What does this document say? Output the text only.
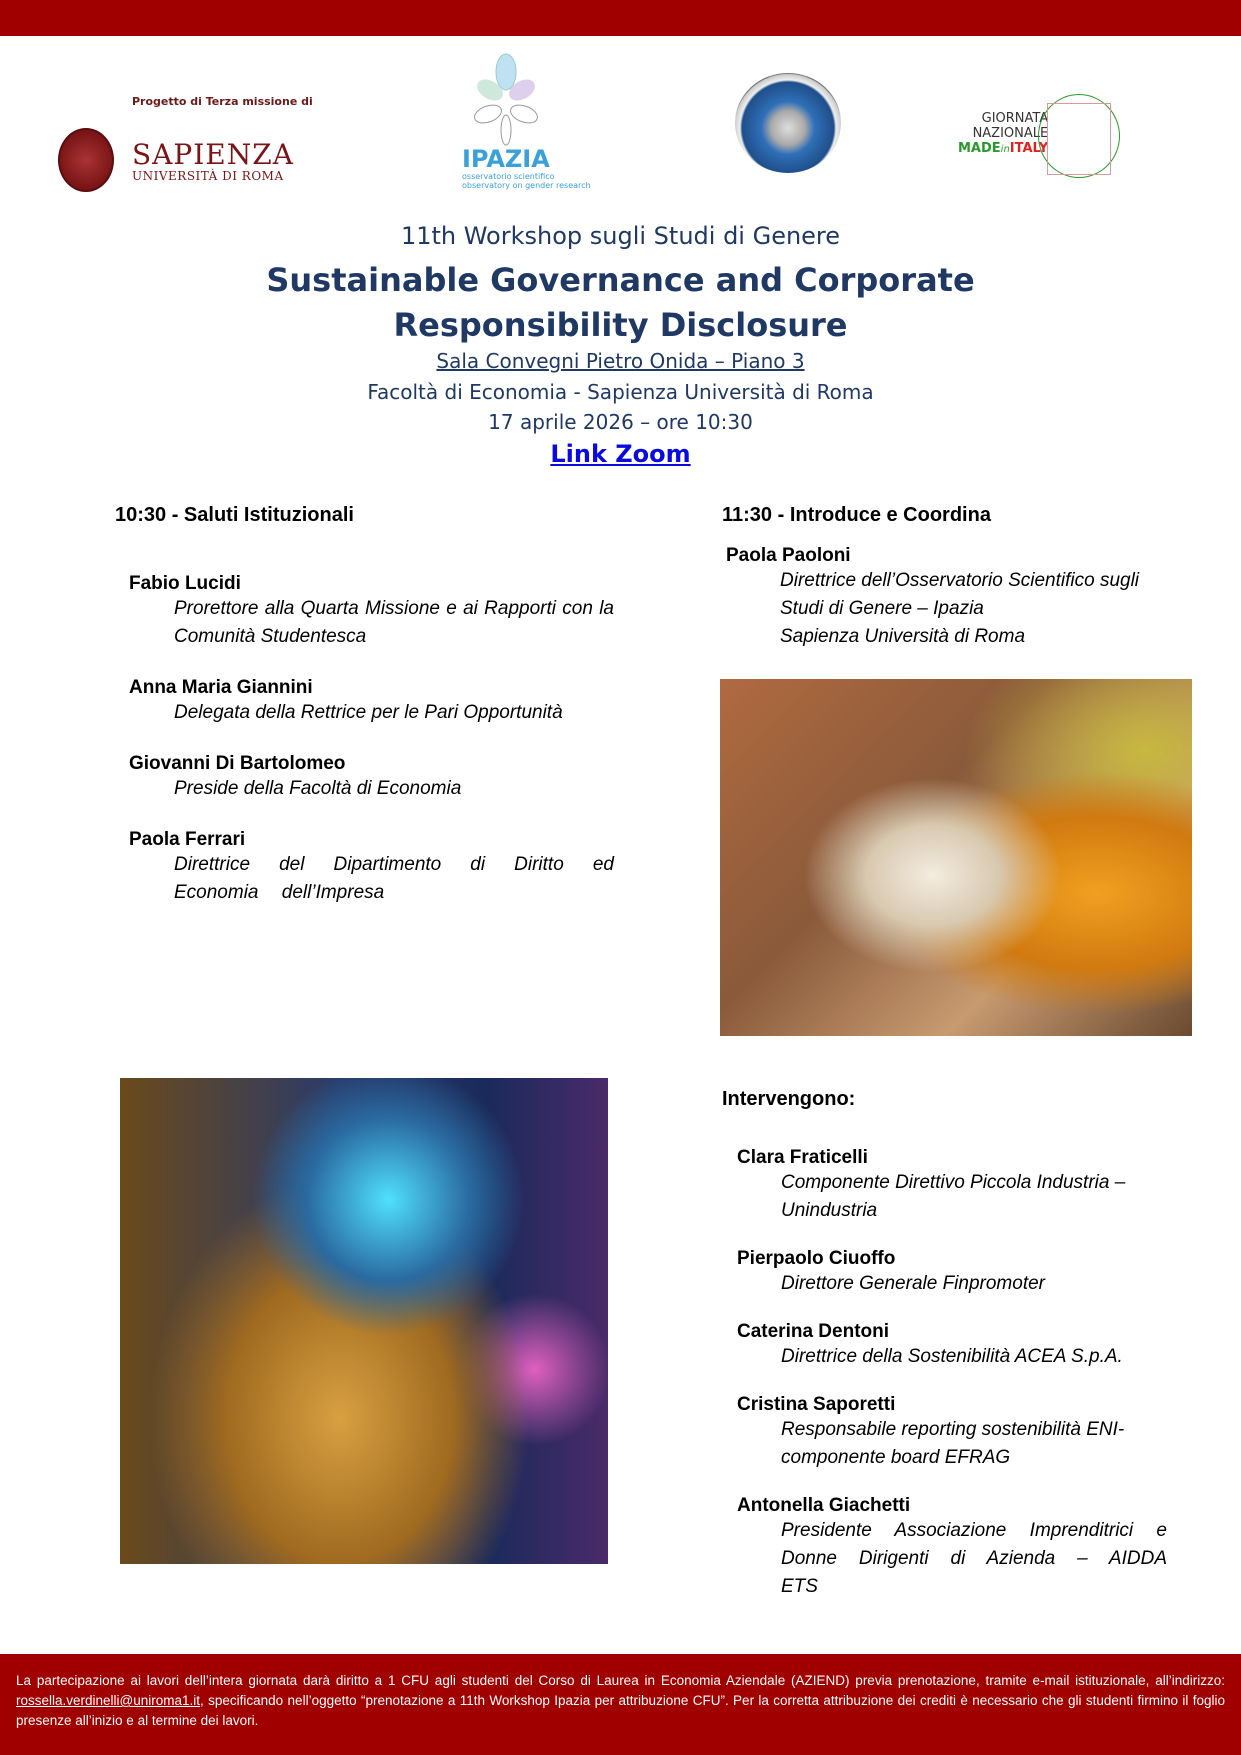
Progetto di Terza missione di
SAPIENZA
UNIVERSITÀ DI ROMA
IPAZIA
osservatorio scientifico
observatory on gender research
GIORNATA
NAZIONALE
MADEinITALY
11th Workshop sugli Studi di Genere
Sustainable Governance and Corporate
Responsibility Disclosure
Sala Convegni Pietro Onida – Piano 3
Facoltà di Economia - Sapienza Università di Roma
17 aprile 2026 – ore 10:30
Link Zoom
10:30 - Saluti Istituzionali
Fabio Lucidi
Prorettore alla Quarta Missione e ai Rapporti con la Comunità Studentesca
Anna Maria Giannini
Delegata della Rettrice per le Pari Opportunità
Giovanni Di Bartolomeo
Preside della Facoltà di Economia
Paola Ferrari
Direttrice del Dipartimento di Diritto ed Economia dell’Impresa
11:30 - Introduce e Coordina
Paola Paoloni
Direttrice dell’Osservatorio Scientifico sugli
Studi di Genere – Ipazia
Sapienza Università di Roma
Intervengono:
Clara Fraticelli
Componente Direttivo Piccola Industria – Unindustria
Pierpaolo Ciuoffo
Direttore Generale Finpromoter
Caterina Dentoni
Direttrice della Sostenibilità ACEA S.p.A.
Cristina Saporetti
Responsabile reporting sostenibilità ENI-componente board EFRAG
Antonella Giachetti
Presidente Associazione Imprenditrici e Donne Dirigenti di Azienda – AIDDA ETS
La partecipazione ai lavori dell’intera giornata darà diritto a 1 CFU agli studenti del Corso di Laurea in Economia Aziendale (AZIEND) previa prenotazione, tramite e-mail istituzionale, all’indirizzo: rossella.verdinelli@uniroma1.it, specificando nell’oggetto “prenotazione a 11th Workshop Ipazia per attribuzione CFU”. Per la corretta attribuzione dei crediti è necessario che gli studenti firmino il foglio presenze all’inizio e al termine dei lavori.
